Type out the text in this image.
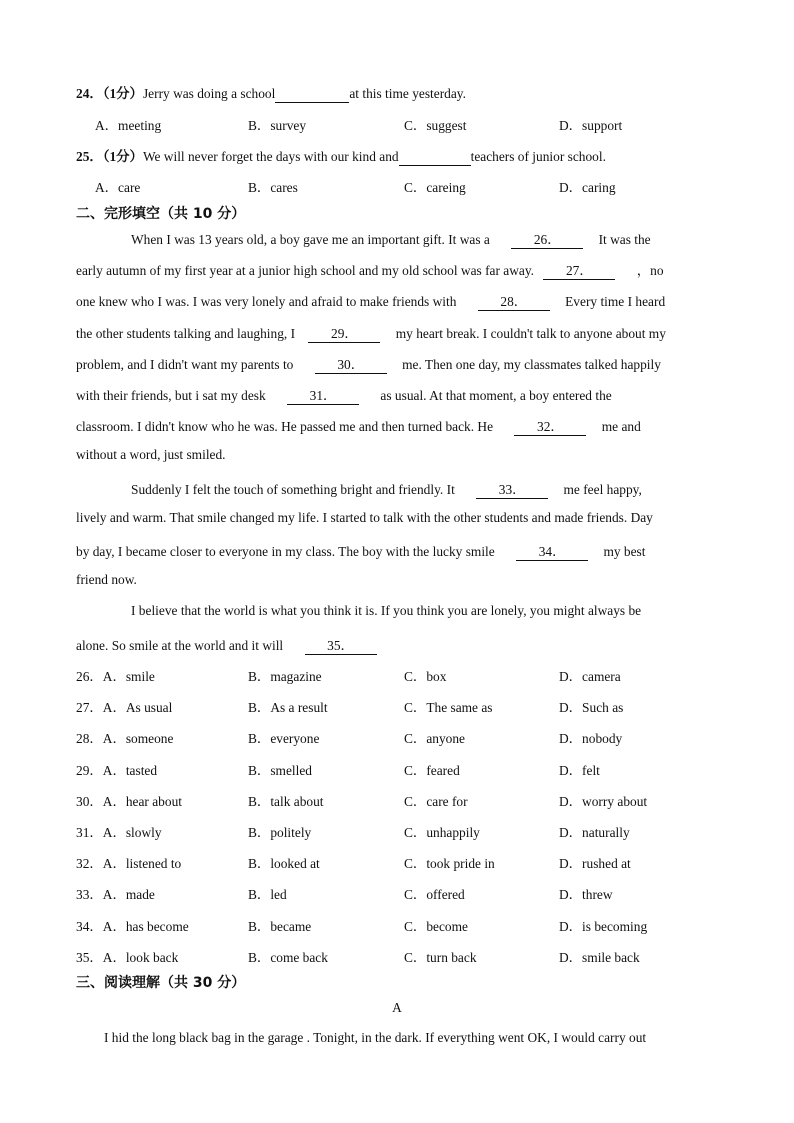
24．（1分）Jerry was doing a school	at this time yesterday.
A．meeting	B．survey	C．suggest	D．support
25．（1分）We will never forget the days with our kind and	teachers of junior school.
A．care	B．cares	C．careing	D．caring
二、完形填空（共 10 分）
When I was 13 years old, a boy gave me an important gift. It was a	26．	It was the
early autumn of my first year at a junior high school and my old school was far away. 27．	，no
one knew who I was. I was very lonely and afraid to make friends with	28．	Every time I heard
the other students talking and laughing, I	29．	my heart break. I couldn't talk to anyone about my
problem, and I didn't want my parents to	30．	me. Then one day, my classmates talked happily
with their friends, but i sat my desk	31．	as usual. At that moment, a boy entered the
classroom. I didn't know who he was. He passed me and then turned back. He	32．	me and
without a word, just smiled.
Suddenly I felt the touch of something bright and friendly. It	33．	me feel happy,
lively and warm. That smile changed my life. I started to talk with the other students and made friends. Day
by day, I became closer to everyone in my class. The boy with the lucky smile	34．	my best
friend now.
I believe that the world is what you think it is. If you think you are lonely, you might always be
alone. So smile at the world and it will	35．
26．A．smile	B．magazine	C．box	D．camera
27．A．As usual	B．As a result	C．The same as	D．Such as
28．A．someone	B．everyone	C．anyone	D．nobody
29．A．tasted	B．smelled	C．feared	D．felt
30．A．hear about	B．talk about	C．care for	D．worry about
31．A．slowly	B．politely	C．unhappily	D．naturally
32．A．listened to	B．looked at	C．took pride in	D．rushed at
33．A．made	B．led	C．offered	D．threw
34．A．has become	B．became	C．become	D．is becoming
35．A．look back	B．come back	C．turn back	D．smile back
三、阅读理解（共 30 分）
A
I hid the long black bag in the garage . Tonight, in the dark. If everything went OK, I would carry out
